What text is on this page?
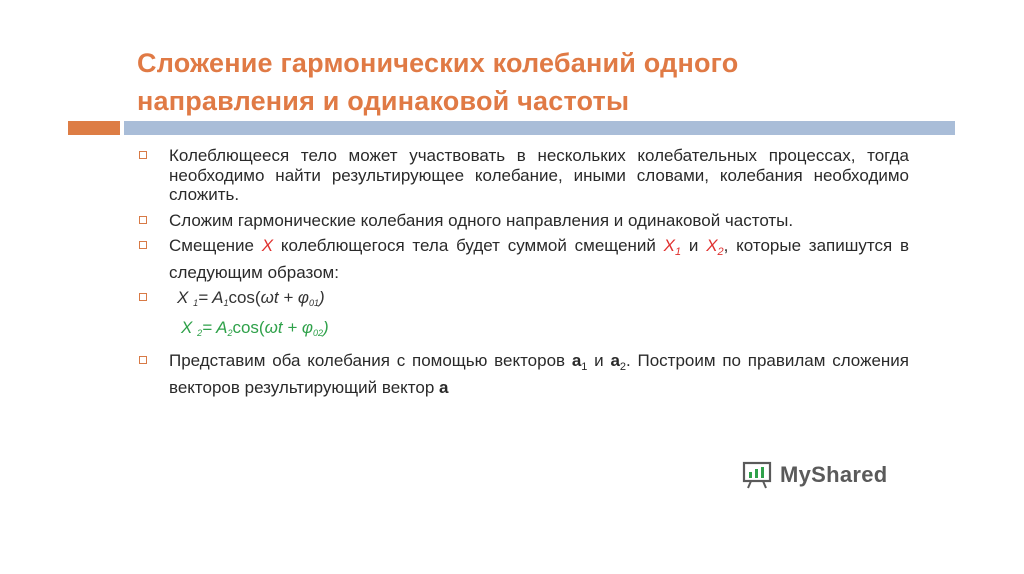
Сложение гармонических колебаний одного
направления и одинаковой частоты
Колеблющееся тело может участвовать в нескольких колебательных процессах, тогда необходимо найти результирующее колебание, иными словами, колебания необходимо сложить.
Сложим гармонические колебания одного направления и одинаковой частоты.
Смещение X колеблющегося тела будет суммой смещений $X_1$ и $X_2$, которые запишутся в следующим образом:
X 1= A1cos(ωt + φ01)
X 2= A2cos(ωt + φ02)
Представим оба колебания с помощью векторов $a_1$ и $a_2$. Построим по правилам сложения векторов результирующий вектор a
MyShared
